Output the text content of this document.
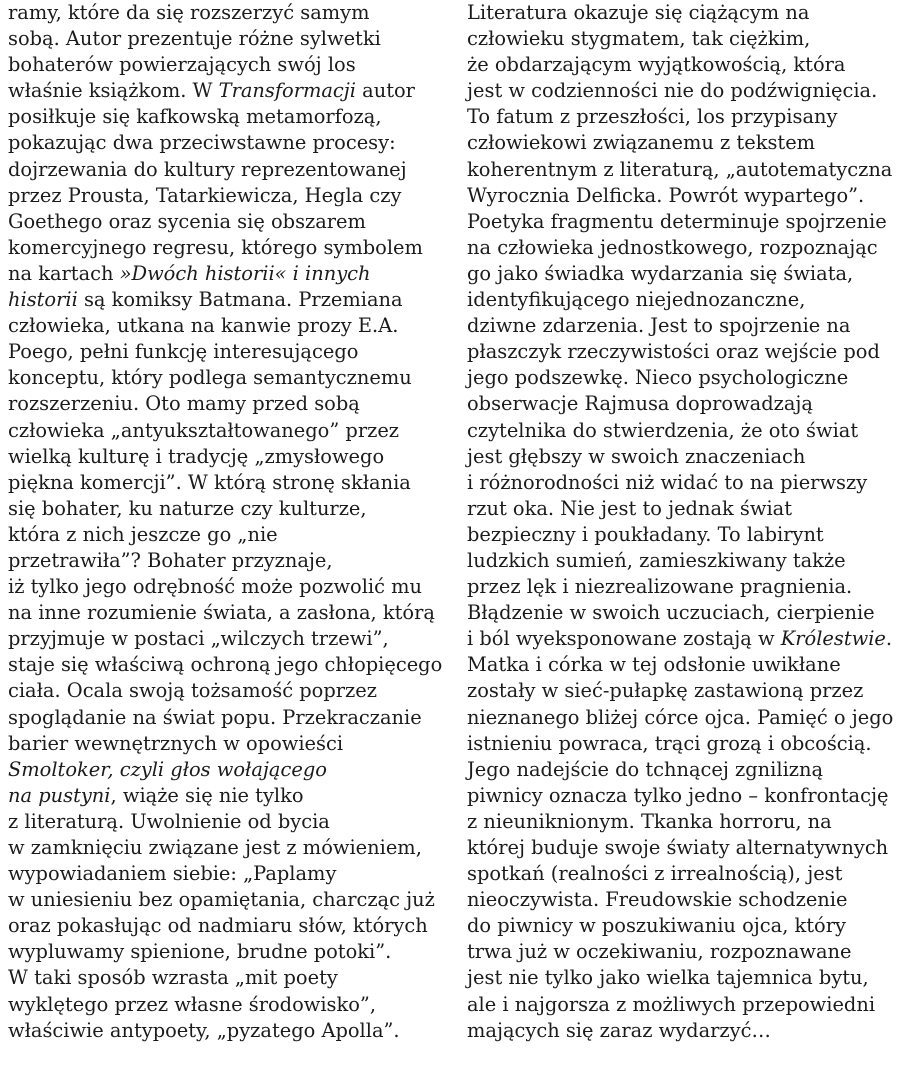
ramy, które da się rozszerzyć samym
sobą. Autor prezentuje różne sylwetki
bohaterów powierzających swój los
właśnie książkom. W Transformacji autor
posiłkuje się kafkowską metamorfozą,
pokazując dwa przeciwstawne procesy:
dojrzewania do kultury reprezentowanej
przez Prousta, Tatarkiewicza, Hegla czy
Goethego oraz sycenia się obszarem
komercyjnego regresu, którego symbolem
na kartach »Dwóch historii« i innych
historii są komiksy Batmana. Przemiana
człowieka, utkana na kanwie prozy E.A.
Poego, pełni funkcję interesującego
konceptu, który podlega semantycznemu
rozszerzeniu. Oto mamy przed sobą
człowieka „antyukształtowanego” przez
wielką kulturę i tradycję „zmysłowego
piękna komercji”. W którą stronę skłania
się bohater, ku naturze czy kulturze,
która z nich jeszcze go „nie
przetrawiła”? Bohater przyznaje,
iż tylko jego odrębność może pozwolić mu
na inne rozumienie świata, a zasłona, którą
przyjmuje w postaci „wilczych trzewi”,
staje się właściwą ochroną jego chłopięcego
ciała. Ocala swoją tożsamość poprzez
spoglądanie na świat popu. Przekraczanie
barier wewnętrznych w opowieści
Smoltoker, czyli głos wołającego
na pustyni, wiąże się nie tylko
z literaturą. Uwolnienie od bycia
w zamknięciu związane jest z mówieniem,
wypowiadaniem siebie: „Paplamy
w uniesieniu bez opamiętania, charcząc już
oraz pokasłując od nadmiaru słów, których
wypluwamy spienione, brudne potoki”.
W taki sposób wzrasta „mit poety
wyklętego przez własne środowisko”,
właściwie antypoety, „pyzatego Apolla”.
Literatura okazuje się ciążącym na
człowieku stygmatem, tak ciężkim,
że obdarzającym wyjątkowością, która
jest w codzienności nie do podźwignięcia.
To fatum z przeszłości, los przypisany
człowiekowi związanemu z tekstem
koherentnym z literaturą, „autotematyczna
Wyrocznia Delficka. Powrót wypartego”.
Poetyka fragmentu determinuje spojrzenie
na człowieka jednostkowego, rozpoznając
go jako świadka wydarzania się świata,
identyfikującego niejednozanczne,
dziwne zdarzenia. Jest to spojrzenie na
płaszczyk rzeczywistości oraz wejście pod
jego podszewkę. Nieco psychologiczne
obserwacje Rajmusa doprowadzają
czytelnika do stwierdzenia, że oto świat
jest głębszy w swoich znaczeniach
i różnorodności niż widać to na pierwszy
rzut oka. Nie jest to jednak świat
bezpieczny i poukładany. To labirynt
ludzkich sumień, zamieszkiwany także
przez lęk i niezrealizowane pragnienia.
Błądzenie w swoich uczuciach, cierpienie
i ból wyeksponowane zostają w Królestwie.
Matka i córka w tej odsłonie uwikłane
zostały w sieć-pułapkę zastawioną przez
nieznanego bliżej córce ojca. Pamięć o jego
istnieniu powraca, trąci grozą i obcością.
Jego nadejście do tchnącej zgnilizną
piwnicy oznacza tylko jedno – konfrontację
z nieuniknionym. Tkanka horroru, na
której buduje swoje światy alternatywnych
spotkań (realności z irrealnością), jest
nieoczywista. Freudowskie schodzenie
do piwnicy w poszukiwaniu ojca, który
trwa już w oczekiwaniu, rozpoznawane
jest nie tylko jako wielka tajemnica bytu,
ale i najgorsza z możliwych przepowiedni
mających się zaraz wydarzyć…
